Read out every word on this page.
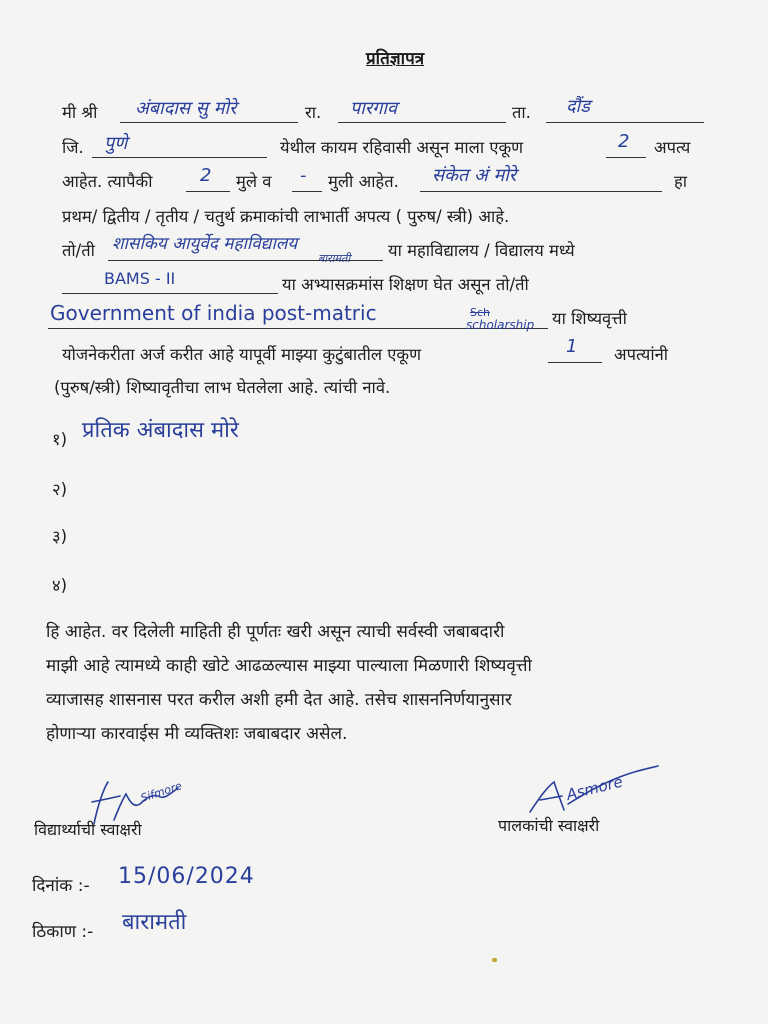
प्रतिज्ञापत्र
मी श्री अंबादास सु मोरे	रा. पारगाव	ता. दौंड
जि. पुणे	येथील कायम रहिवासी असून माला एकूण	2 अपत्य
आहेत. त्यापैकी	2 मुले व - मुली आहेत. संकेत अं मोरे	हा
प्रथम/ द्वितीय / तृतीय / चतुर्थ क्रमाकांची लाभार्ती अपत्य ( पुरुष/ स्त्री) आहे.
तो/ती शासकिय आयुर्वेद महाविद्यालय
बारामती या महाविद्यालय / विद्यालय मध्ये
BAMS - II	या अभ्यासक्रमांस शिक्षण घेत असून तो/ती
Government of india post-matric	Sch
scholarship या शिष्यवृत्ती
योजनेकरीता अर्ज करीत आहे यापूर्वी माझ्या कुटुंबातील एकूण	1 अपत्यांनी
(पुरुष/स्त्री) शिष्यावृतीचा लाभ घेतलेला आहे. त्यांची नावे.
१) प्रतिक अंबादास मोरे
२)
३)
४)
हि आहेत. वर दिलेली माहिती ही पूर्णतः खरी असून त्याची सर्वस्वी जबाबदारी
माझी आहे त्यामध्ये काही खोटे आढळल्यास माझ्या पाल्याला मिळणारी शिष्यवृत्ती
व्याजासह शासनास परत करील अशी हमी देत आहे. तसेच शासननिर्णयानुसार
होणाऱ्या कारवाईस मी व्यक्तिशः जबाबदार असेल.
Sifmore
विद्यार्थ्याची स्वाक्षरी
Asmore
पालकांची स्वाक्षरी
दिनांक :- 15/06/2024
ठिकाण :- बारामती
